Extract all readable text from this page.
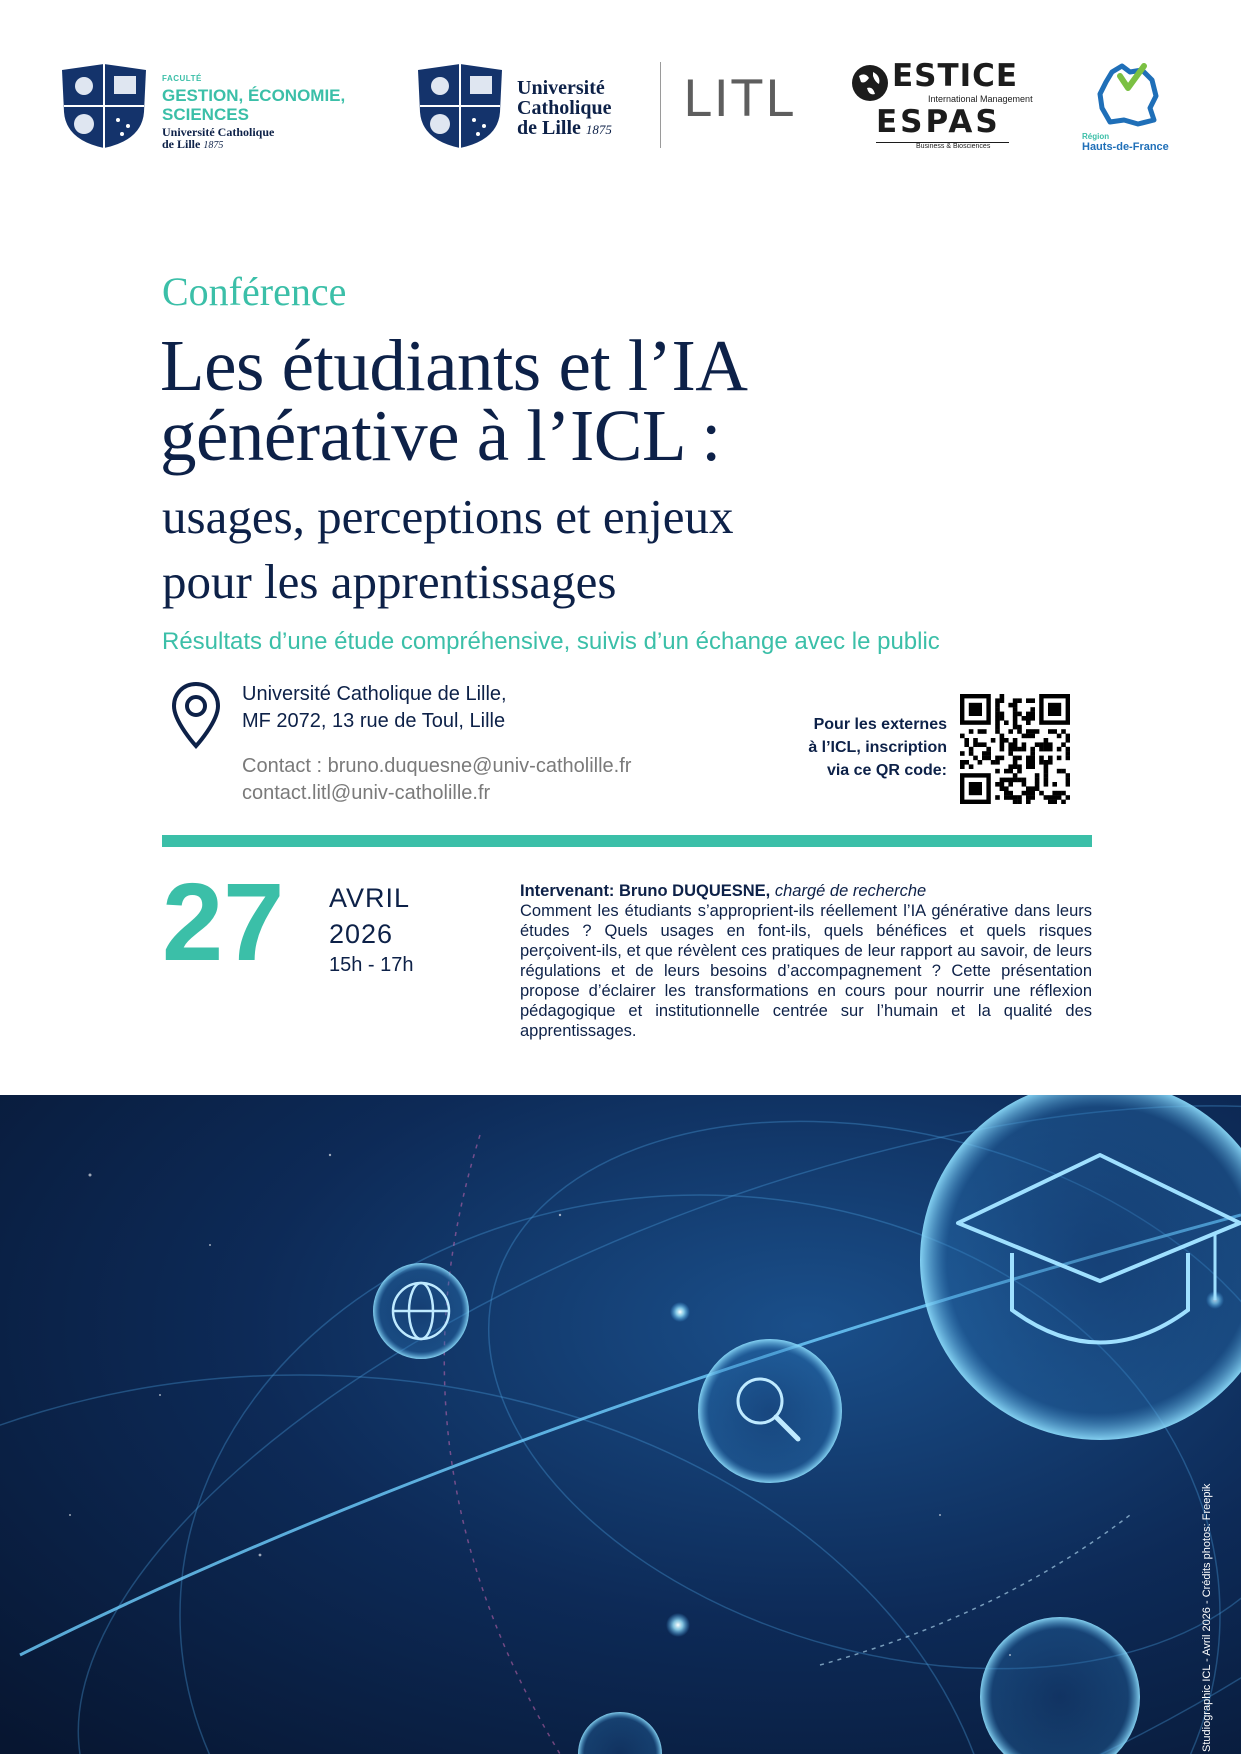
FACULTÉ
GESTION, ÉCONOMIE,
SCIENCES
Université Catholique
de Lille 1875
Université
Catholique
de Lille 1875
LITL	ESTICE
International Management
ESPAS
Business & Biosciences
Région
Hauts-de-France
Conférence
Les étudiants et l’IA
générative à l’ICL :
usages, perceptions et enjeux
pour les apprentissages
Résultats d’une étude compréhensive, suivis d’un échange avec le public
Université Catholique de Lille,
MF 2072, 13 rue de Toul, Lille
Contact : bruno.duquesne@univ-catholille.fr
contact.litl@univ-catholille.fr
Pour les externes
à l’ICL, inscription
via ce QR code:
27 AVRIL
2026
15h - 17h
Intervenant: Bruno DUQUESNE, chargé de recherche
Comment les étudiants s’approprient-ils réellement l’IA générative dans leurs études ? Quels usages en font-ils, quels bénéfices et quels risques perçoivent-ils, et que révèlent ces pratiques de leur rapport au savoir, de leurs régulations et de leurs besoins d’accompagnement ? Cette présentation propose d’éclairer les transformations en cours pour nourrir une réflexion pédagogique et institutionnelle centrée sur l’humain et la qualité des apprentissages.
Studiographic ICL - Avril 2026 - Crédits photos: Freepik
